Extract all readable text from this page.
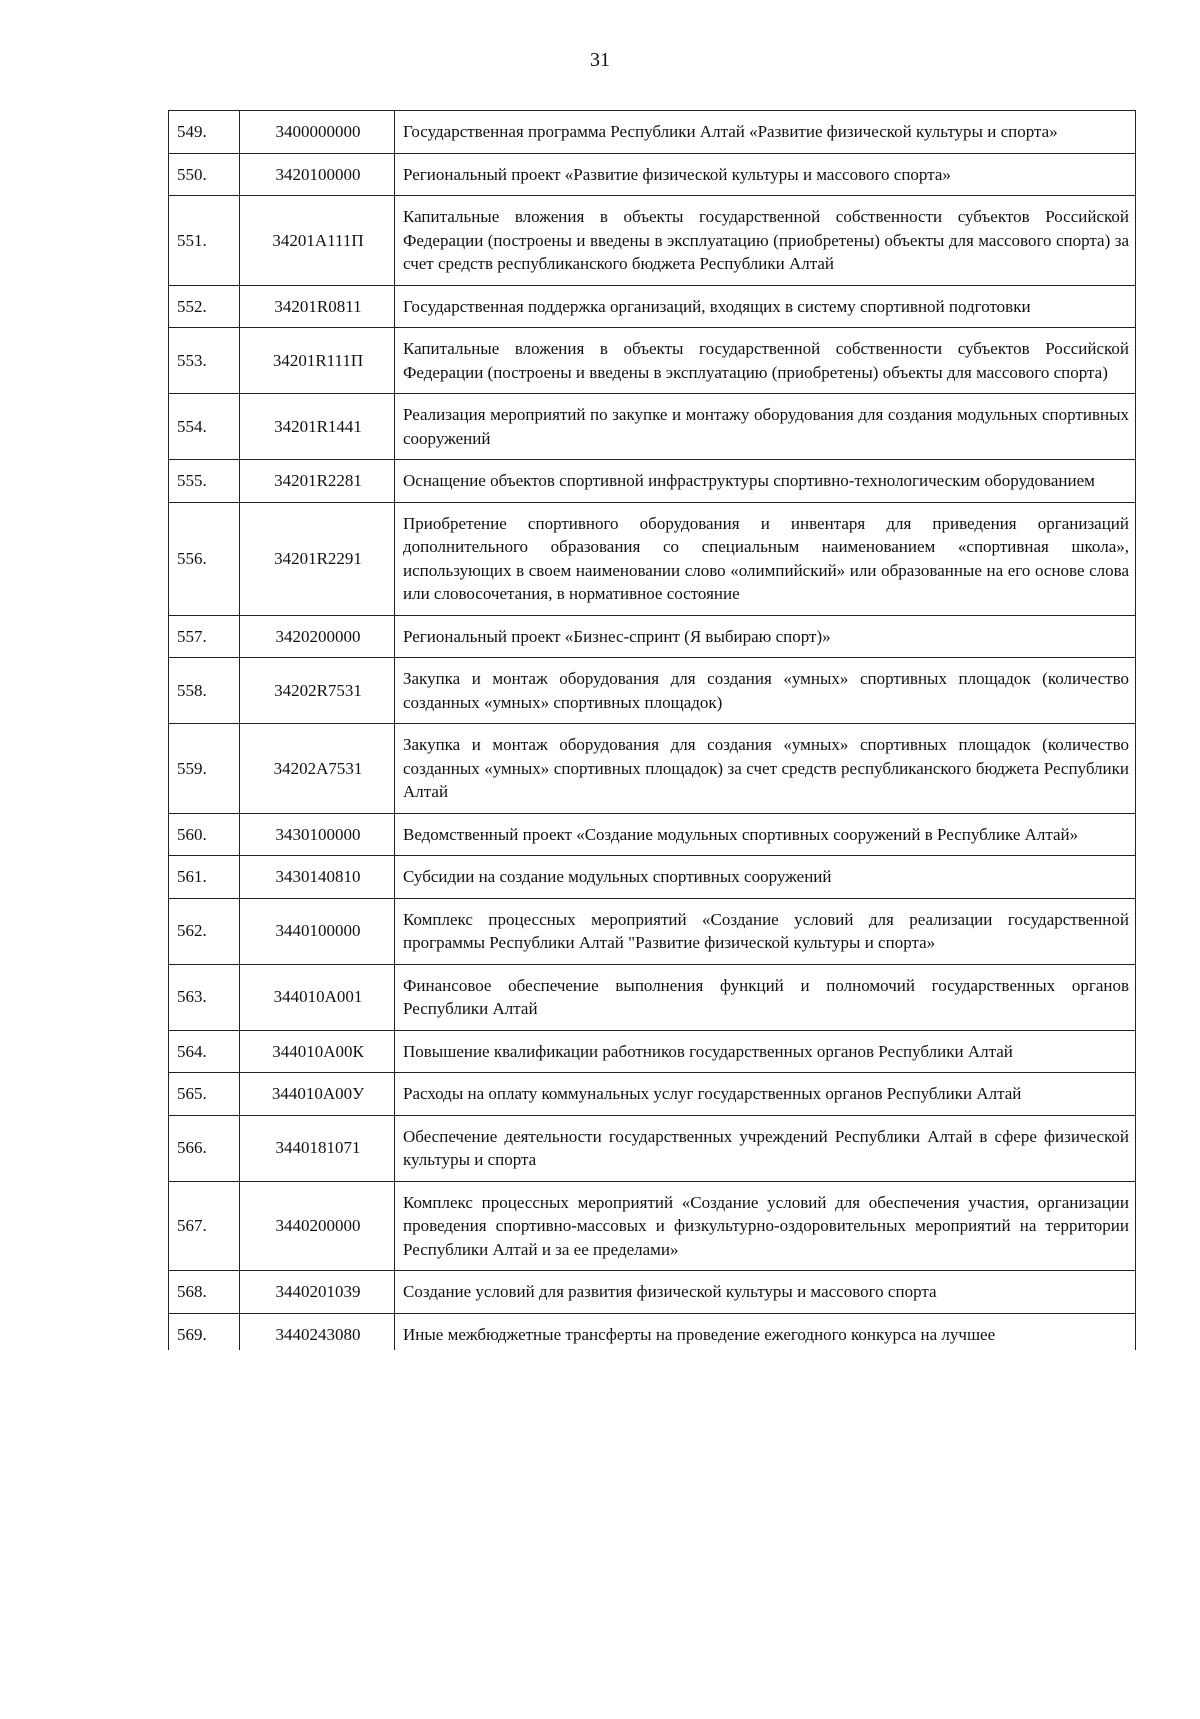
31
549.	3400000000	Государственная программа Республики Алтай «Развитие физической культуры и спорта»
550.	3420100000	Региональный проект «Развитие физической культуры и массового спорта»
551.	34201A111П	Капитальные вложения в объекты государственной собственности субъектов Российской Федерации (построены и введены в эксплуатацию (приобретены) объекты для массового спорта) за счет средств республиканского бюджета Республики Алтай
552.	34201R0811	Государственная поддержка организаций, входящих в систему спортивной подготовки
553.	34201R111П	Капитальные вложения в объекты государственной собственности субъектов Российской Федерации (построены и введены в эксплуатацию (приобретены) объекты для массового спорта)
554.	34201R1441	Реализация мероприятий по закупке и монтажу оборудования для создания модульных спортивных сооружений
555.	34201R2281	Оснащение объектов спортивной инфраструктуры спортивно-технологическим оборудованием
556.	34201R2291	Приобретение спортивного оборудования и инвентаря для приведения организаций дополнительного образования со специальным наименованием «спортивная школа», использующих в своем наименовании слово «олимпийский» или образованные на его основе слова или словосочетания, в нормативное состояние
557.	3420200000	Региональный проект «Бизнес-спринт (Я выбираю спорт)»
558.	34202R7531	Закупка и монтаж оборудования для создания «умных» спортивных площадок (количество созданных «умных» спортивных площадок)
559.	34202A7531	Закупка и монтаж оборудования для создания «умных» спортивных площадок (количество созданных «умных» спортивных площадок) за счет средств республиканского бюджета Республики Алтай
560.	3430100000	Ведомственный проект «Создание модульных спортивных сооружений в Республике Алтай»
561.	3430140810	Субсидии на создание модульных спортивных сооружений
562.	3440100000	Комплекс процессных мероприятий «Создание условий для реализации государственной программы Республики Алтай "Развитие физической культуры и спорта»
563.	344010А001	Финансовое обеспечение выполнения функций и полномочий государственных органов Республики Алтай
564.	344010А00К	Повышение квалификации работников государственных органов Республики Алтай
565.	344010А00У	Расходы на оплату коммунальных услуг государственных органов Республики Алтай
566.	3440181071	Обеспечение деятельности государственных учреждений Республики Алтай в сфере физической культуры и спорта
567.	3440200000	Комплекс процессных мероприятий «Создание условий для обеспечения участия, организации проведения спортивно-массовых и физкультурно-оздоровительных мероприятий на территории Республики Алтай и за ее пределами»
568.	3440201039	Создание условий для развития физической культуры и массового спорта
569.	3440243080	Иные межбюджетные трансферты на проведение ежегодного конкурса на лучшее
